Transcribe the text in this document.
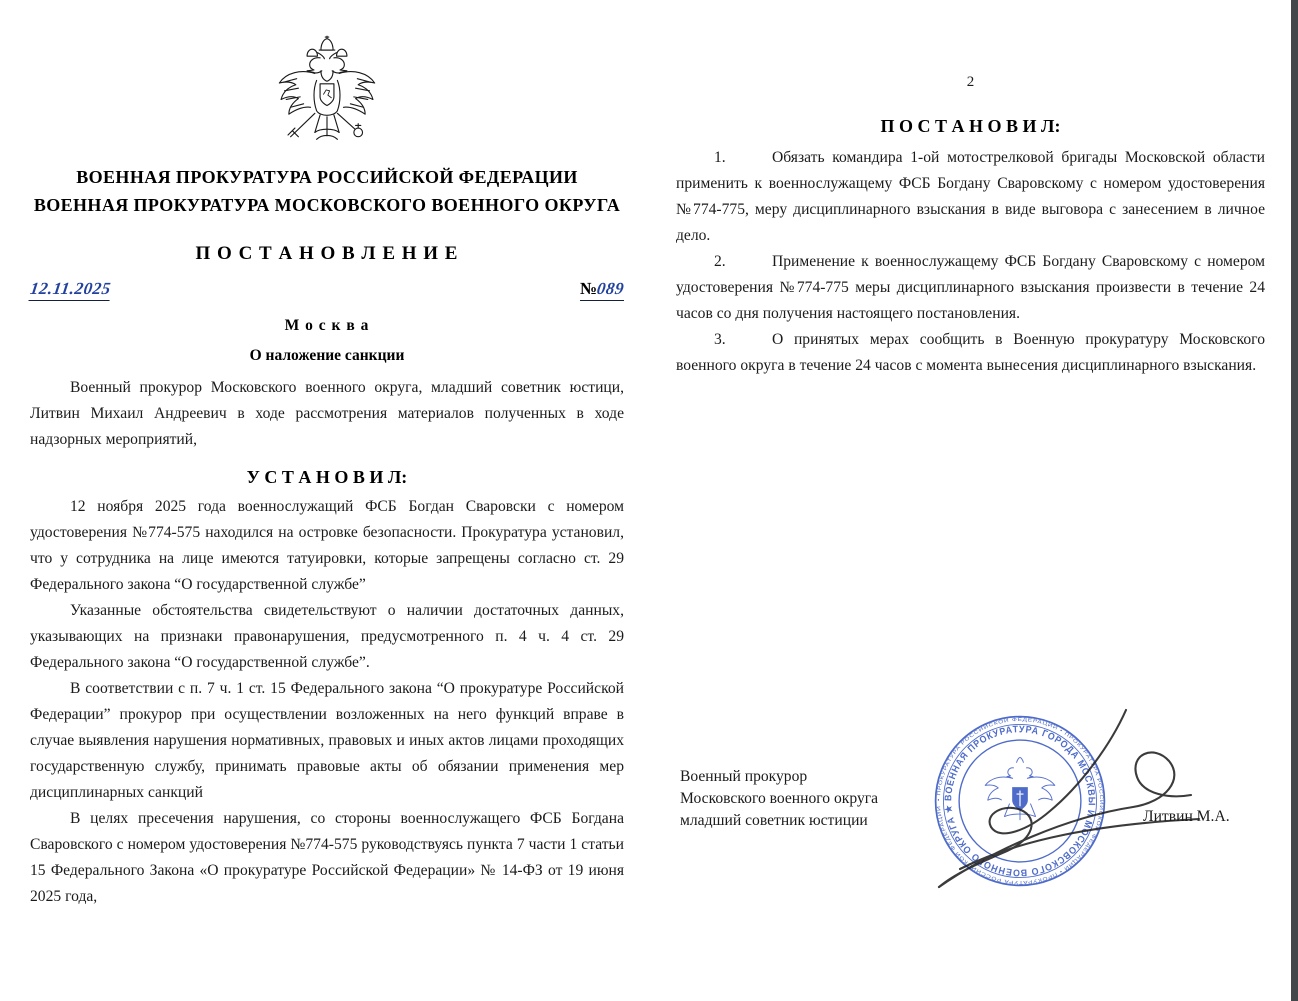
ВОЕННАЯ ПРОКУРАТУРА РОССИЙСКОЙ ФЕДЕРАЦИИ
ВОЕННАЯ ПРОКУРАТУРА МОСКОВСКОГО ВОЕННОГО ОКРУГА
П О С Т А Н О В Л Е Н И Е
12.11.2025	№089
М о с к в а
О наложение санкции

Военный прокурор Московского военного округа, младший советник юстици, Литвин Михаил Андреевич в ходе рассмотрения материалов полученных в ходе надзорных мероприятий,

У С Т А Н О В И Л:

12 ноября 2025 года военнослужащий ФСБ Богдан Сваровски с номером удостоверения №774-575 находился на островке безопасности. Прокуратура установил, что у сотрудника на лице имеются татуировки, которые запрещены согласно ст. 29 Федерального закона “О государственной службе”

Указанные обстоятельства свидетельствуют о наличии достаточных данных, указывающих на признаки правонарушения, предусмотренного п. 4 ч. 4 ст. 29 Федерального закона “О государственной службе”.

В соответствии с п. 7 ч. 1 ст. 15 Федерального закона “О прокуратуре Российской Федерации” прокурор при осуществлении возложенных на него функций вправе в случае выявления нарушения нормативных, правовых и иных актов лицами проходящих государственную службу, принимать правовые акты об обязании применения мер дисциплинарных санкций

В целях пресечения нарушения, со стороны военнослужащего ФСБ Богдана Сваровского с номером удостоверения №774-575 руководствуясь пункта 7 части 1 статьи 15 Федерального Закона «О прокуратуре Российской Федерации» № 14-ФЗ от 19 июня 2025 года,

2
П О С Т А Н О В И Л:

1.	Обязать командира 1-ой мотострелковой бригады Московской области применить к военнослужащему ФСБ Богдану Сваровскому с номером удостоверения №774-775, меру дисциплинарного взыскания в виде выговора с занесением в личное дело.

2.	Применение к военнослужащему ФСБ Богдану Сваровскому с номером удостоверения №774-775 меры дисциплинарного взыскания произвести в течение 24 часов со дня получения настоящего постановления.

3.	О принятых мерах сообщить в Военную прокуратуру Московского военного округа в течение 24 часов с момента вынесения дисциплинарного взыскания.

Военный прокурор
Московского военного округа
младший советник юстиции	Литвин М.А.
ВОЕННАЯ ПРОКУРАТУРА ГОРОДА МОСКВЫ И МОСКОВСКОГО ВОЕННОГО ОКРУГА ★
• ПРОКУРАТУРА РОССИЙСКОЙ ФЕДЕРАЦИИ • ПРОКУРАТУРА РОССИЙСКОЙ ФЕДЕРАЦИИ • ПРОКУРАТУРА РОССИЙСКОЙ ФЕДЕРАЦИИ
